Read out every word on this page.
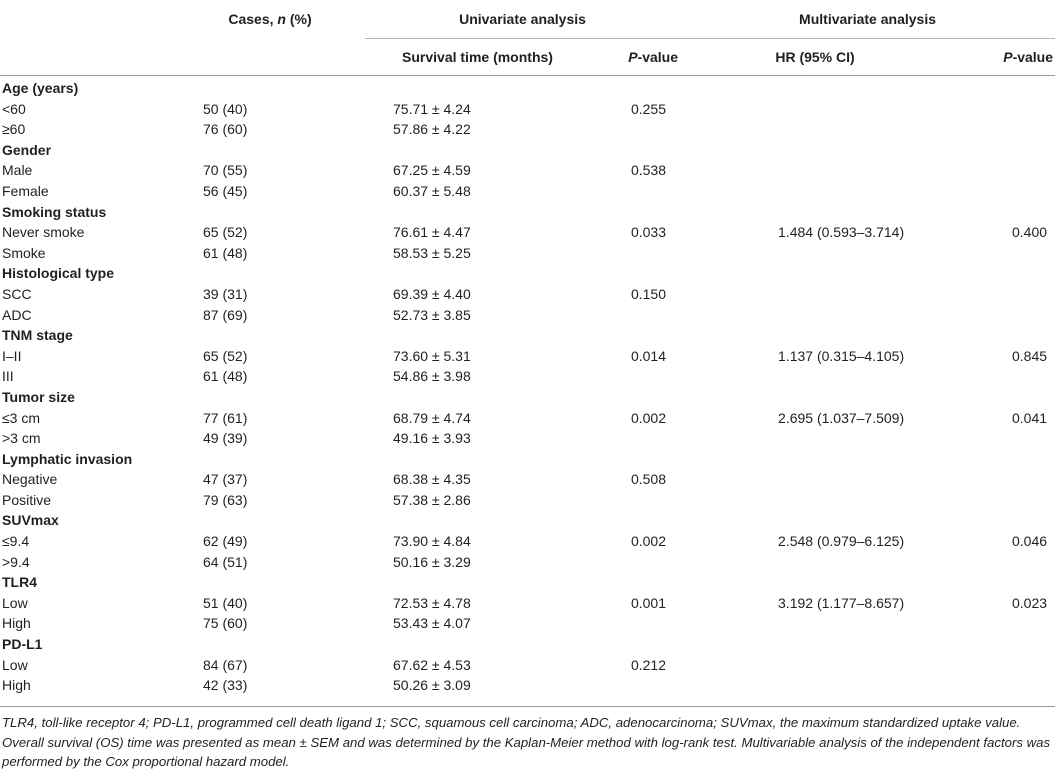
	Cases, n (%)	Univariate analysis		Multivariate analysis	
		Survival time (months)	P-value	HR (95% CI)	P-value
Age (years)					
<60	50 (40)	75.71 ± 4.24	0.255		
≥60	76 (60)	57.86 ± 4.22			
Gender					
Male	70 (55)	67.25 ± 4.59	0.538		
Female	56 (45)	60.37 ± 5.48			
Smoking status					
Never smoke	65 (52)	76.61 ± 4.47	0.033	1.484 (0.593–3.714)	0.400
Smoke	61 (48)	58.53 ± 5.25			
Histological type					
SCC	39 (31)	69.39 ± 4.40	0.150		
ADC	87 (69)	52.73 ± 3.85			
TNM stage					
I–II	65 (52)	73.60 ± 5.31	0.014	1.137 (0.315–4.105)	0.845
III	61 (48)	54.86 ± 3.98			
Tumor size					
≤3 cm	77 (61)	68.79 ± 4.74	0.002	2.695 (1.037–7.509)	0.041
>3 cm	49 (39)	49.16 ± 3.93			
Lymphatic invasion					
Negative	47 (37)	68.38 ± 4.35	0.508		
Positive	79 (63)	57.38 ± 2.86			
SUVmax					
≤9.4	62 (49)	73.90 ± 4.84	0.002	2.548 (0.979–6.125)	0.046
>9.4	64 (51)	50.16 ± 3.29			
TLR4					
Low	51 (40)	72.53 ± 4.78	0.001	3.192 (1.177–8.657)	0.023
High	75 (60)	53.43 ± 4.07			
PD-L1					
Low	84 (67)	67.62 ± 4.53	0.212		
High	42 (33)	50.26 ± 3.09			
TLR4, toll-like receptor 4; PD-L1, programmed cell death ligand 1; SCC, squamous cell carcinoma; ADC, adenocarcinoma; SUVmax, the maximum standardized uptake value.
Overall survival (OS) time was presented as mean ± SEM and was determined by the Kaplan-Meier method with log-rank test. Multivariable analysis of the independent factors was
performed by the Cox proportional hazard model.
